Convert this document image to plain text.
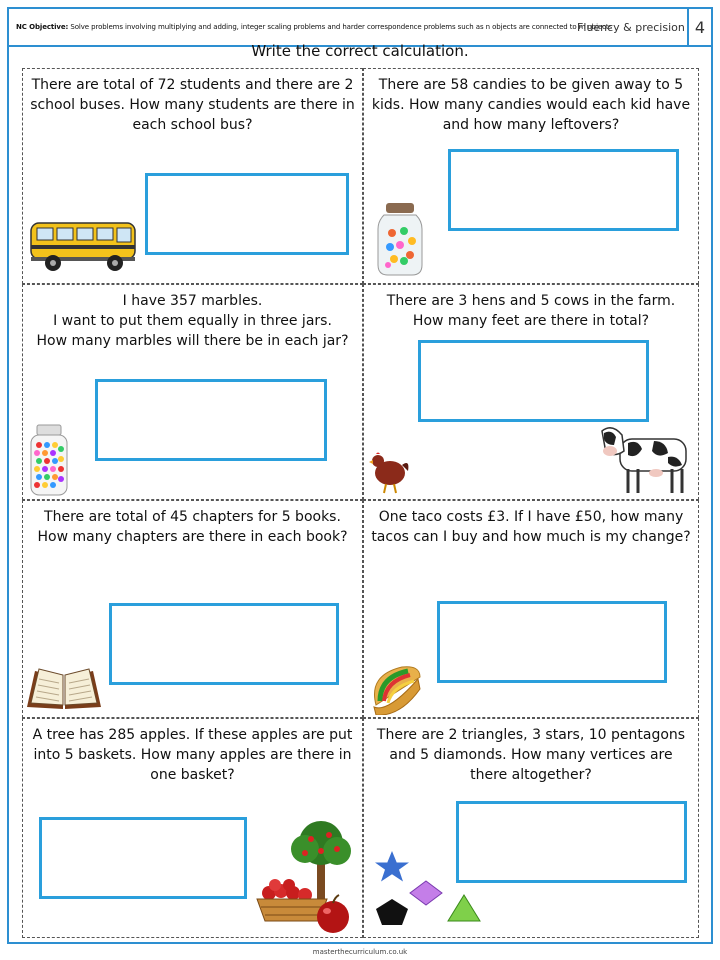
NC Objective: Solve problems involving multiplying and adding, integer scaling problems and harder correspondence problems such as n objects are connected to m objects
Fluency & precision 4
Write the correct calculation.
There are total of 72 students and there are 2 school buses. How many students are there in each school bus?
There are 58 candies to be given away to 5 kids. How many candies would each kid have and how many leftovers?
I have 357 marbles.
I want to put them equally in three jars.
How many marbles will there be in each jar?
There are 3 hens and 5 cows in the farm.
How many feet are there in total?
There are total of 45 chapters for 5 books.
How many chapters are there in each book?
One taco costs £3. If I have £50, how many tacos can I buy and how much is my change?
A tree has 285 apples. If these apples are put into 5 baskets. How many apples are there in one basket?
There are 2 triangles, 3 stars, 10 pentagons and 5 diamonds. How many vertices are there altogether?
masterthecurriculum.co.uk
